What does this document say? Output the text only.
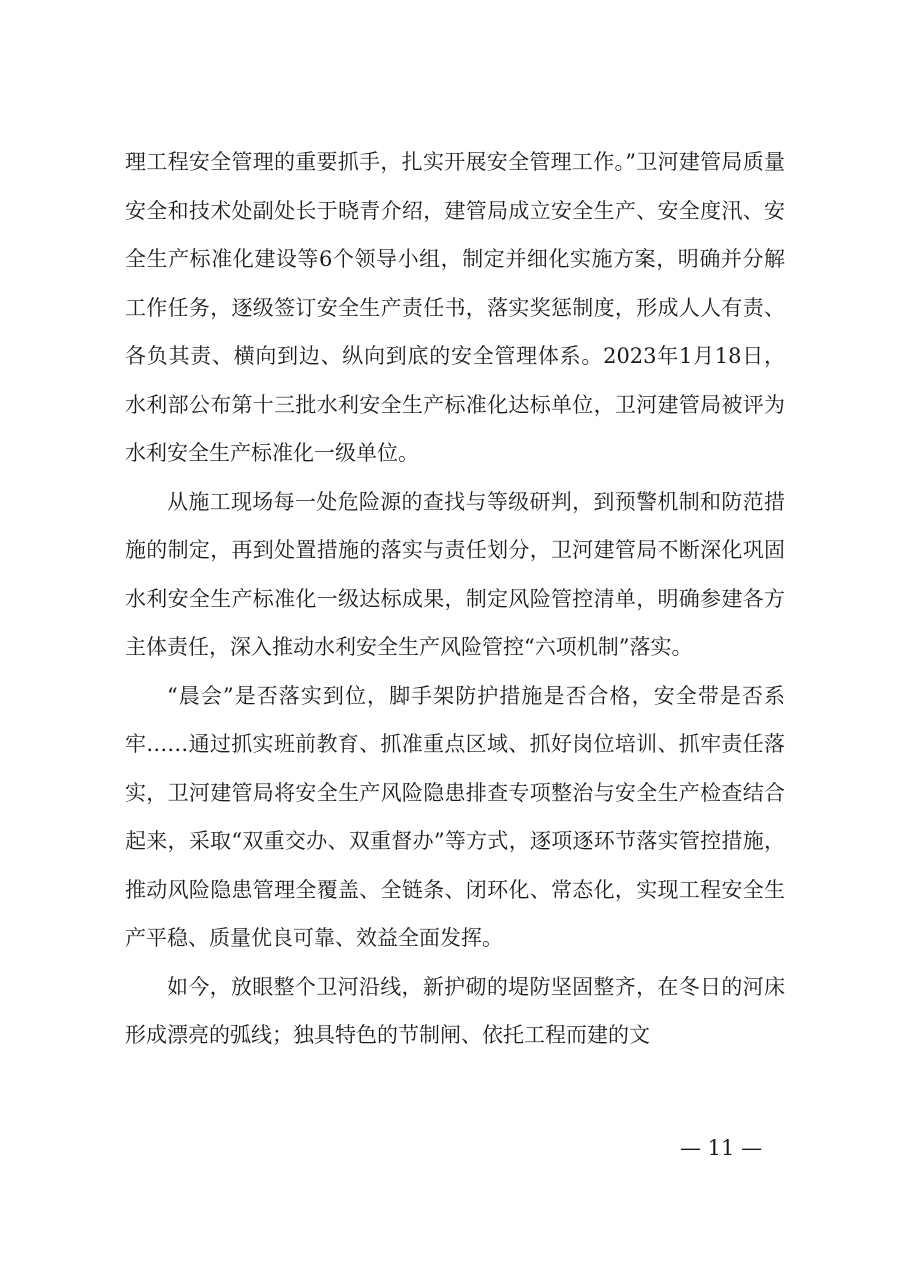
理工程安全管理的重要抓手，扎实开展安全管理工作。”卫河建管局质量安全和技术处副处长于晓青介绍，建管局成立安全生产、安全度汛、安全生产标准化建设等6个领导小组，制定并细化实施方案，明确并分解工作任务，逐级签订安全生产责任书，落实奖惩制度，形成人人有责、各负其责、横向到边、纵向到底的安全管理体系。2023年1月18日，水利部公布第十三批水利安全生产标准化达标单位，卫河建管局被评为水利安全生产标准化一级单位。

从施工现场每一处危险源的查找与等级研判，到预警机制和防范措施的制定，再到处置措施的落实与责任划分，卫河建管局不断深化巩固水利安全生产标准化一级达标成果，制定风险管控清单，明确参建各方主体责任，深入推动水利安全生产风险管控“六项机制”落实。

“晨会”是否落实到位，脚手架防护措施是否合格，安全带是否系牢……通过抓实班前教育、抓准重点区域、抓好岗位培训、抓牢责任落实，卫河建管局将安全生产风险隐患排查专项整治与安全生产检查结合起来，采取“双重交办、双重督办”等方式，逐项逐环节落实管控措施，推动风险隐患管理全覆盖、全链条、闭环化、常态化，实现工程安全生产平稳、质量优良可靠、效益全面发挥。

如今，放眼整个卫河沿线，新护砌的堤防坚固整齐，在冬日的河床形成漂亮的弧线；独具特色的节制闸、依托工程而建的文

— 11 —
